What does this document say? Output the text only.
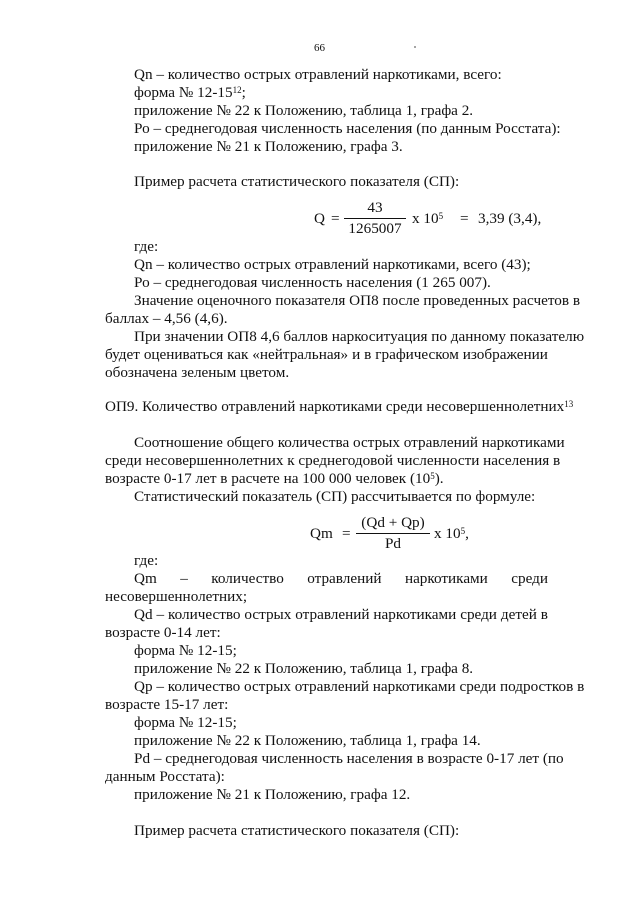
66
Qn – количество острых отравлений наркотиками, всего:
форма № $12-15^{12}$;
приложение № 22 к Положению, таблица 1, графа 2.
Ро – среднегодовая численность населения (по данным Росстата):
приложение № 21 к Положению, графа 3.
Пример расчета статистического показателя (СП):
Q =
43
1265007
x $10^5 = 3,39$ (3,4),
где:
Qn – количество острых отравлений наркотиками, всего (43);
Ро – среднегодовая численность населения (1 265 007).
Значение оценочного показателя ОП8 после проведенных расчетов в
баллах – 4,56 (4,6).
При значении ОП8 4,6 баллов наркоситуация по данному показателю
будет оцениваться как «нейтральная» и в графическом изображении
обозначена зеленым цветом.
ОП9. Количество отравлений наркотиками среди несовершеннолетних$^{13}$
Соотношение общего количества острых отравлений наркотиками
среди несовершеннолетних к среднегодовой численности населения в
возрасте 0-17 лет в расчете на 100 000 человек $(10^5)$.
Статистический показатель (СП) рассчитывается по формуле:
Qm =
(Qd + Qp)
Pd
x $10^5$,
где:
Qm – количество отравлений наркотиками среди
несовершеннолетних;
Qd – количество острых отравлений наркотиками среди детей в
возрасте 0-14 лет:
форма № 12-15;
приложение № 22 к Положению, таблица 1, графа 8.
Qp – количество острых отравлений наркотиками среди подростков в
возрасте 15-17 лет:
форма № 12-15;
приложение № 22 к Положению, таблица 1, графа 14.
Pd – среднегодовая численность населения в возрасте 0-17 лет (по
данным Росстата):
приложение № 21 к Положению, графа 12.
Пример расчета статистического показателя (СП):
